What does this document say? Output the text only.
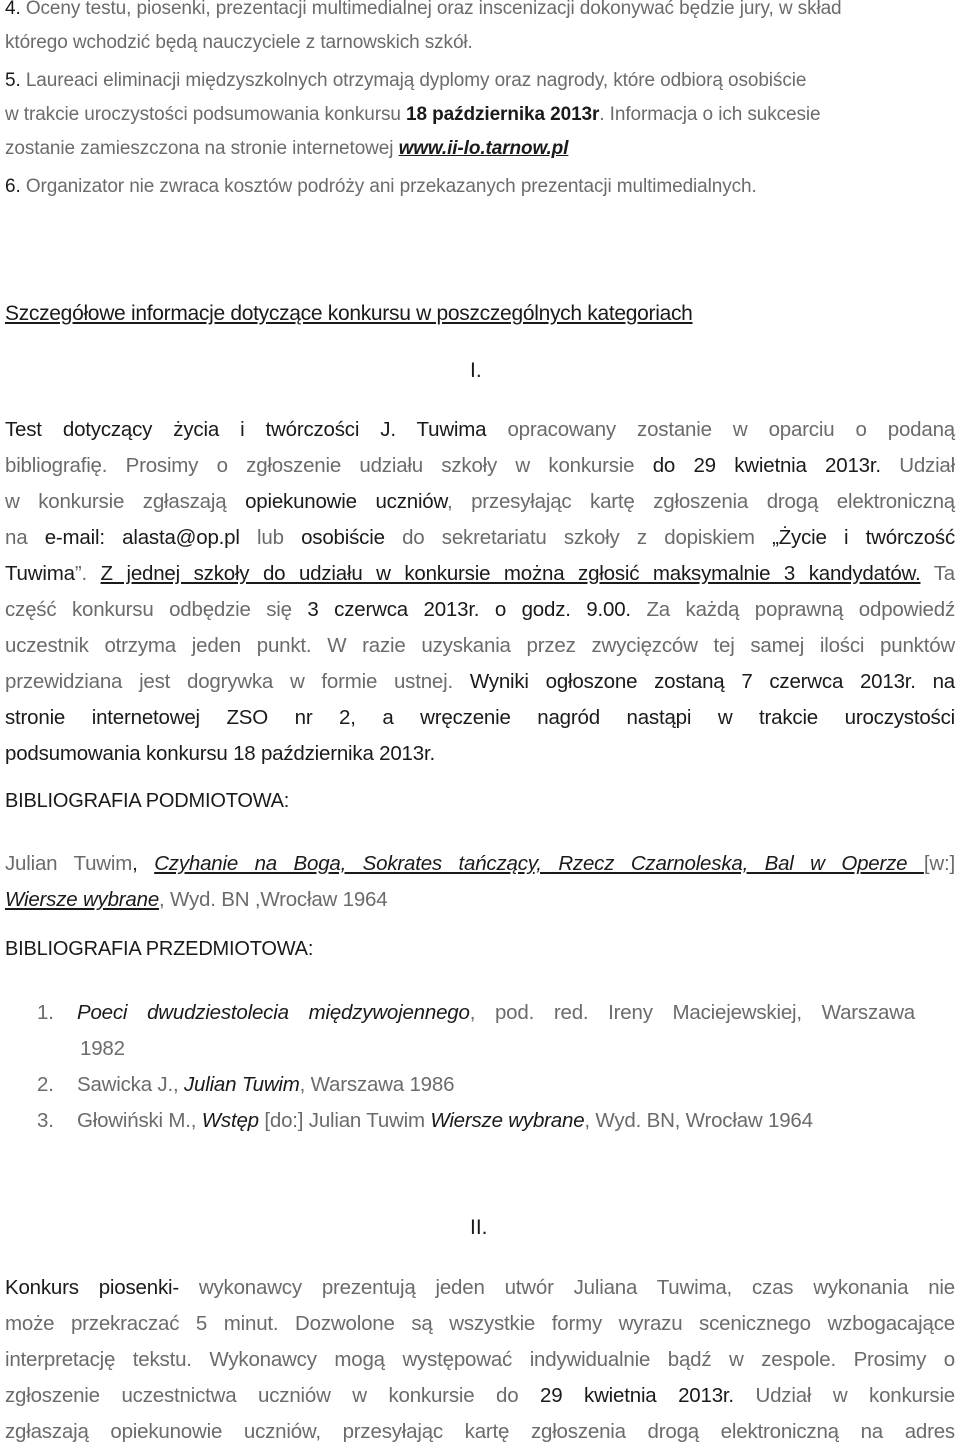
4. Oceny testu, piosenki, prezentacji multimedialnej oraz inscenizacji dokonywać będzie jury, w skład
którego wchodzić będą nauczyciele z tarnowskich szkół.
5. Laureaci eliminacji międzyszkolnych otrzymają dyplomy oraz nagrody, które odbiorą osobiście
w trakcie uroczystości podsumowania konkursu 18 października 2013r. Informacja o ich sukcesie
zostanie zamieszczona na stronie internetowej www.ii-lo.tarnow.pl
6. Organizator nie zwraca kosztów podróży ani przekazanych prezentacji multimedialnych.
Szczegółowe informacje dotyczące konkursu w poszczególnych kategoriach
I.
Test dotyczący życia i twórczości J. Tuwima opracowany zostanie w oparciu o podaną
bibliografię. Prosimy o zgłoszenie udziału szkoły w konkursie do 29 kwietnia 2013r. Udział
w konkursie zgłaszają opiekunowie uczniów, przesyłając kartę zgłoszenia drogą elektroniczną
na e-mail: alasta@op.pl lub osobiście do sekretariatu szkoły z dopiskiem „Życie i twórczość
Tuwima”. Z jednej szkoły do udziału w konkursie można zgłosić maksymalnie 3 kandydatów. Ta
część konkursu odbędzie się 3 czerwca 2013r. o godz. 9.00. Za każdą poprawną odpowiedź
uczestnik otrzyma jeden punkt. W razie uzyskania przez zwycięzców tej samej ilości punktów
przewidziana jest dogrywka w formie ustnej. Wyniki ogłoszone zostaną 7 czerwca 2013r. na
stronie internetowej ZSO nr 2, a wręczenie nagród nastąpi w trakcie uroczystości
podsumowania konkursu 18 października 2013r.
BIBLIOGRAFIA PODMIOTOWA:
Julian Tuwim, Czyhanie na Boga, Sokrates tańczący, Rzecz Czarnoleska, Bal w Operze [w:]
Wiersze wybrane, Wyd. BN ,Wrocław 1964
BIBLIOGRAFIA PRZEDMIOTOWA:
1. Poeci dwudziestolecia międzywojennego, pod. red. Ireny Maciejewskiej, Warszawa
1982
2. Sawicka J., Julian Tuwim, Warszawa 1986
3. Głowiński M., Wstęp [do:] Julian Tuwim Wiersze wybrane, Wyd. BN, Wrocław 1964
II.
Konkurs piosenki- wykonawcy prezentują jeden utwór Juliana Tuwima, czas wykonania nie
może przekraczać 5 minut. Dozwolone są wszystkie formy wyrazu scenicznego wzbogacające
interpretację tekstu. Wykonawcy mogą występować indywidualnie bądź w zespole. Prosimy o
zgłoszenie uczestnictwa uczniów w konkursie do 29 kwietnia 2013r. Udział w konkursie
zgłaszają opiekunowie uczniów, przesyłając kartę zgłoszenia drogą elektroniczną na adres
